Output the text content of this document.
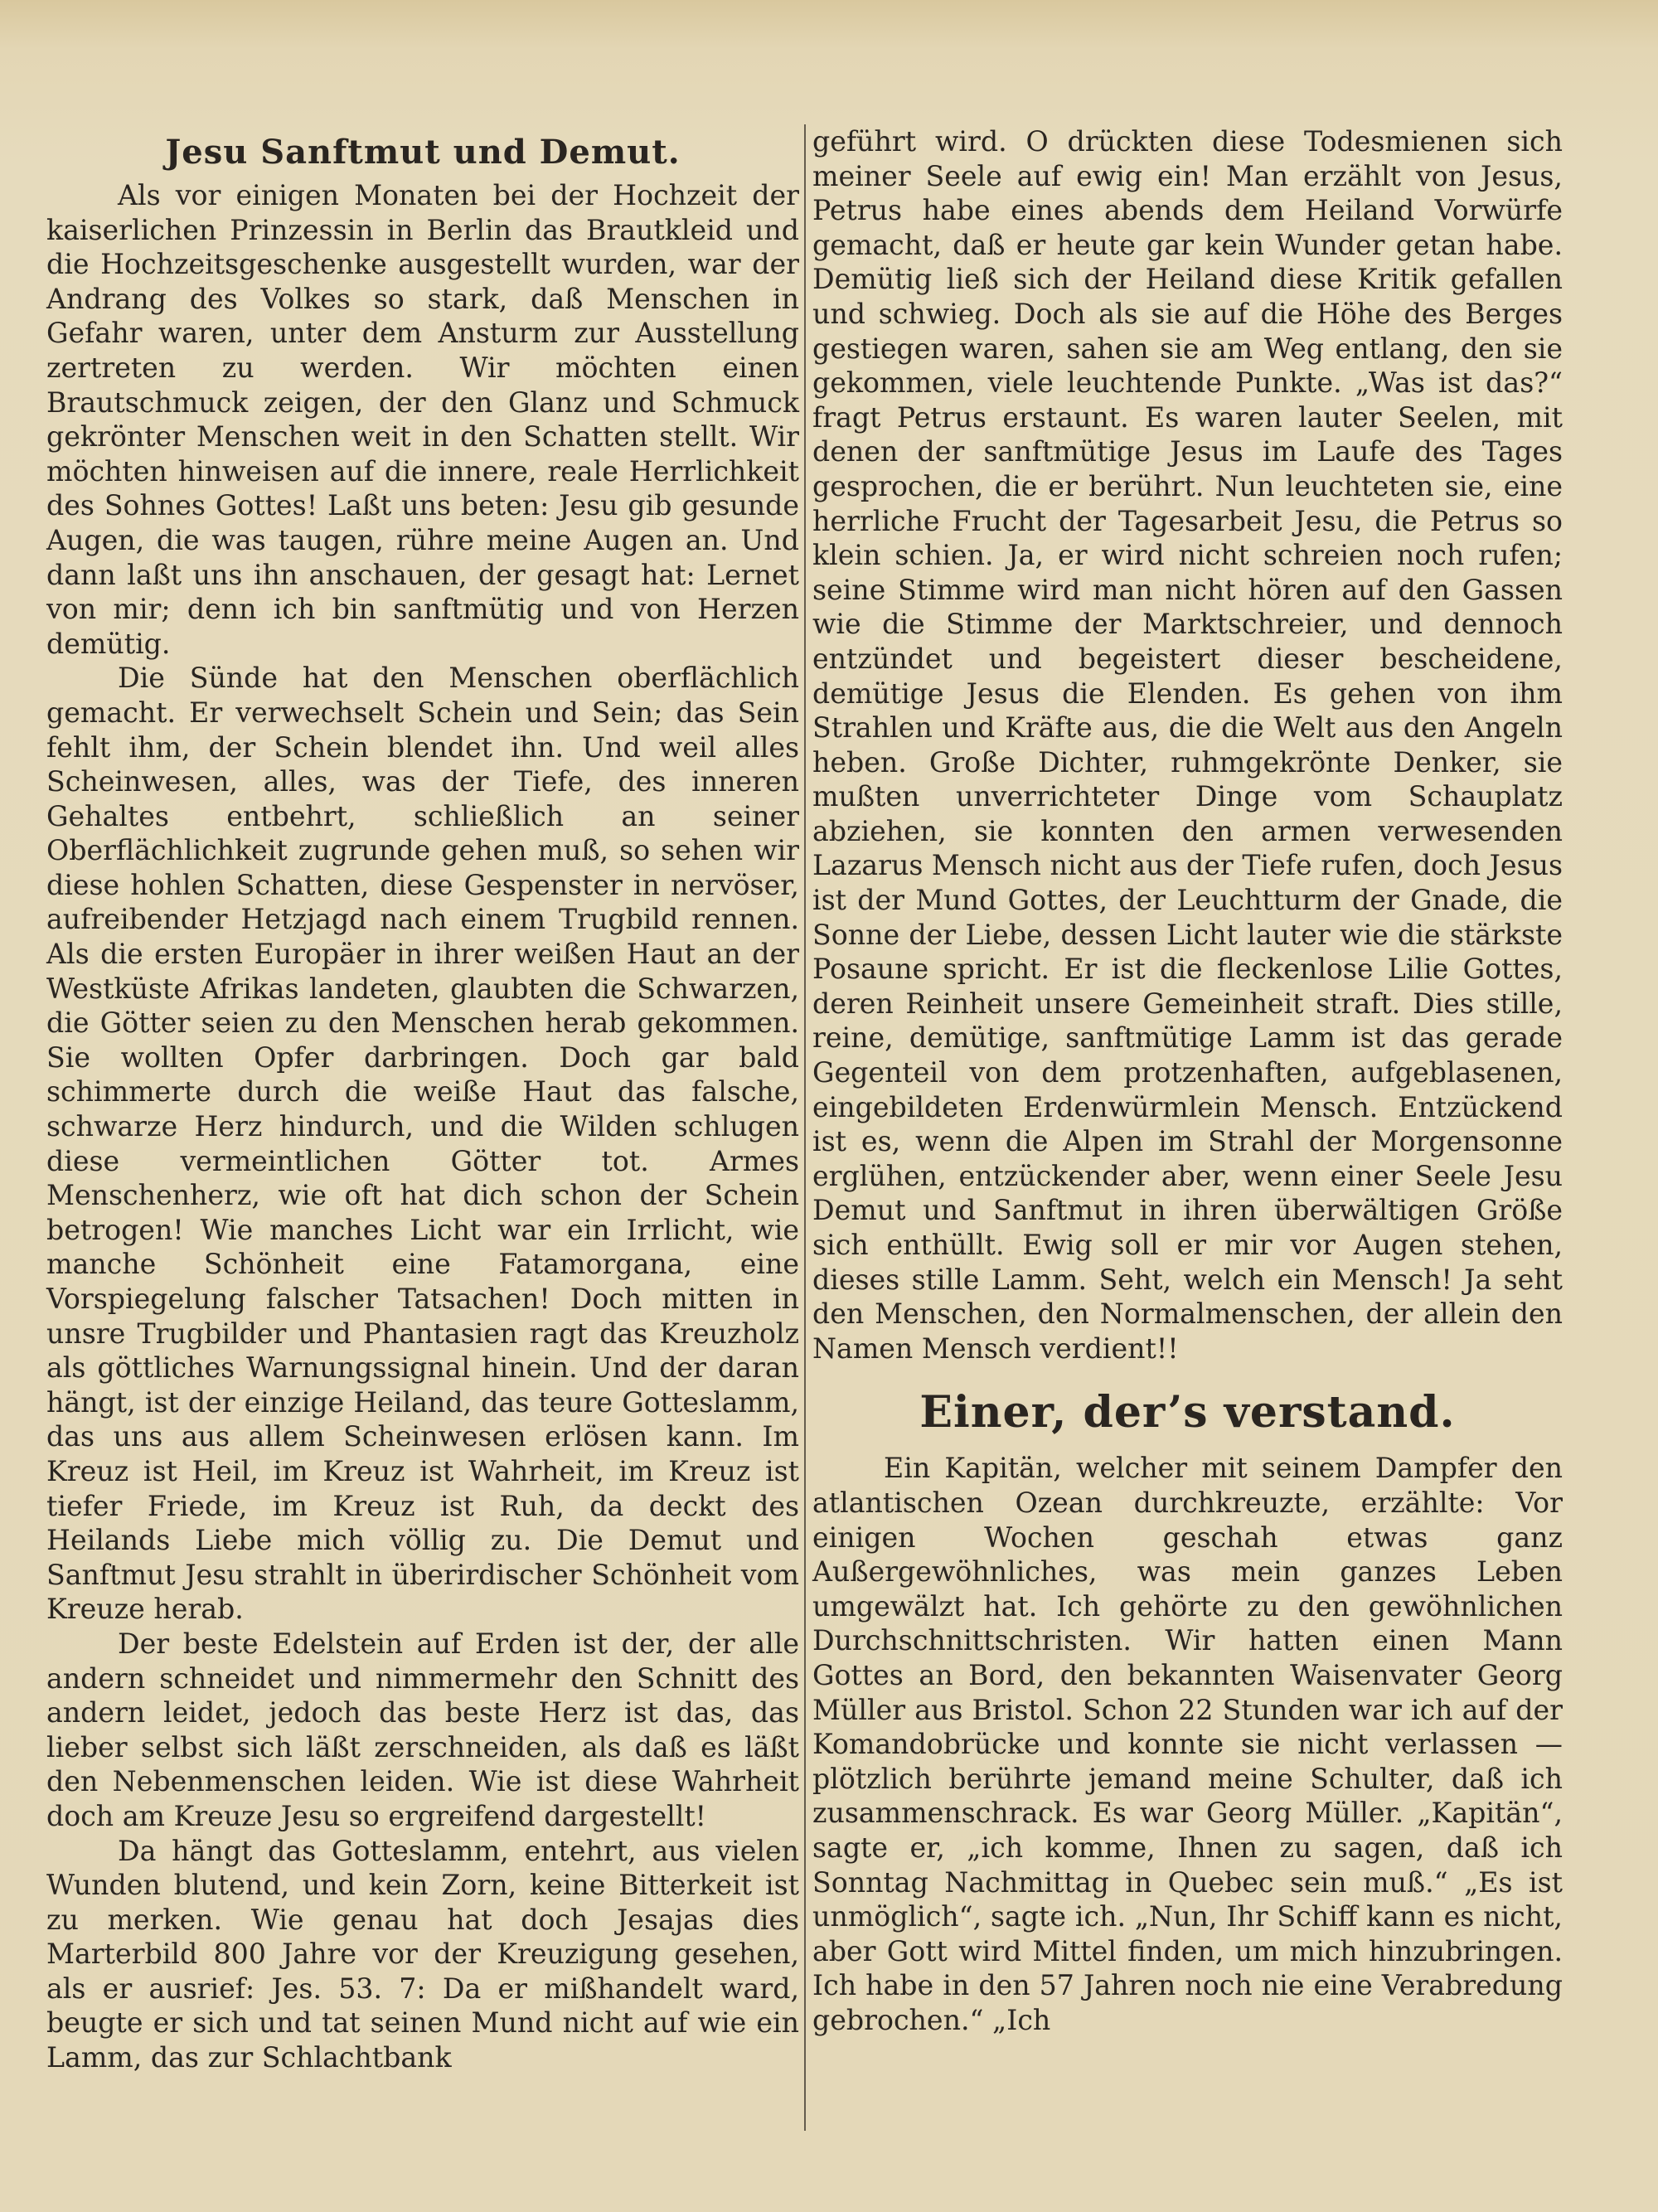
Jesu Sanftmut und Demut.

Als vor einigen Monaten bei der Hochzeit der kaiserlichen Prinzessin in Berlin das Brautkleid und die Hochzeitsgeschenke ausgestellt wurden, war der Andrang des Volkes so stark, daß Menschen in Gefahr waren, unter dem Ansturm zur Ausstellung zertreten zu werden. Wir möchten einen Brautschmuck zeigen, der den Glanz und Schmuck gekrönter Menschen weit in den Schatten stellt. Wir möchten hinweisen auf die innere, reale Herrlichkeit des Sohnes Gottes! Laßt uns beten: Jesu gib gesunde Augen, die was taugen, rühre meine Augen an. Und dann laßt uns ihn anschauen, der gesagt hat: Lernet von mir; denn ich bin sanftmütig und von Herzen demütig.

Die Sünde hat den Menschen oberflächlich gemacht. Er verwechselt Schein und Sein; das Sein fehlt ihm, der Schein blendet ihn. Und weil alles Scheinwesen, alles, was der Tiefe, des inneren Gehaltes entbehrt, schließlich an seiner Oberflächlichkeit zugrunde gehen muß, so sehen wir diese hohlen Schatten, diese Gespenster in nervöser, aufreibender Hetzjagd nach einem Trugbild rennen. Als die ersten Europäer in ihrer weißen Haut an der Westküste Afrikas landeten, glaubten die Schwarzen, die Götter seien zu den Menschen herab gekommen. Sie wollten Opfer darbringen. Doch gar bald schimmerte durch die weiße Haut das falsche, schwarze Herz hindurch, und die Wilden schlugen diese vermeintlichen Götter tot. Armes Menschenherz, wie oft hat dich schon der Schein betrogen! Wie manches Licht war ein Irrlicht, wie manche Schönheit eine Fatamorgana, eine Vorspiegelung falscher Tatsachen! Doch mitten in unsre Trugbilder und Phantasien ragt das Kreuzholz als göttliches Warnungssignal hinein. Und der daran hängt, ist der einzige Heiland, das teure Gotteslamm, das uns aus allem Scheinwesen erlösen kann. Im Kreuz ist Heil, im Kreuz ist Wahrheit, im Kreuz ist tiefer Friede, im Kreuz ist Ruh, da deckt des Heilands Liebe mich völlig zu. Die Demut und Sanftmut Jesu strahlt in überirdischer Schönheit vom Kreuze herab.

Der beste Edelstein auf Erden ist der, der alle andern schneidet und nimmermehr den Schnitt des andern leidet, jedoch das beste Herz ist das, das lieber selbst sich läßt zerschneiden, als daß es läßt den Nebenmenschen leiden. Wie ist diese Wahrheit doch am Kreuze Jesu so ergreifend dargestellt!

Da hängt das Gotteslamm, entehrt, aus vielen Wunden blutend, und kein Zorn, keine Bitterkeit ist zu merken. Wie genau hat doch Jesajas dies Marterbild 800 Jahre vor der Kreuzigung gesehen, als er ausrief: Jes. 53. 7: Da er mißhandelt ward, beugte er sich und tat seinen Mund nicht auf wie ein Lamm, das zur Schlachtbank

geführt wird. O drückten diese Todesmienen sich meiner Seele auf ewig ein! Man erzählt von Jesus, Petrus habe eines abends dem Heiland Vorwürfe gemacht, daß er heute gar kein Wunder getan habe. Demütig ließ sich der Heiland diese Kritik gefallen und schwieg. Doch als sie auf die Höhe des Berges gestiegen waren, sahen sie am Weg entlang, den sie gekommen, viele leuchtende Punkte. „Was ist das?“ fragt Petrus erstaunt. Es waren lauter Seelen, mit denen der sanftmütige Jesus im Laufe des Tages gesprochen, die er berührt. Nun leuchteten sie, eine herrliche Frucht der Tagesarbeit Jesu, die Petrus so klein schien. Ja, er wird nicht schreien noch rufen; seine Stimme wird man nicht hören auf den Gassen wie die Stimme der Marktschreier, und dennoch entzündet und begeistert dieser bescheidene, demütige Jesus die Elenden. Es gehen von ihm Strahlen und Kräfte aus, die die Welt aus den Angeln heben. Große Dichter, ruhmgekrönte Denker, sie mußten unverrichteter Dinge vom Schauplatz abziehen, sie konnten den armen verwesenden Lazarus Mensch nicht aus der Tiefe rufen, doch Jesus ist der Mund Gottes, der Leuchtturm der Gnade, die Sonne der Liebe, dessen Licht lauter wie die stärkste Posaune spricht. Er ist die fleckenlose Lilie Gottes, deren Reinheit unsere Gemeinheit straft. Dies stille, reine, demütige, sanftmütige Lamm ist das gerade Gegenteil von dem protzenhaften, aufgeblasenen, eingebildeten Erdenwürmlein Mensch. Entzückend ist es, wenn die Alpen im Strahl der Morgensonne erglühen, entzückender aber, wenn einer Seele Jesu Demut und Sanftmut in ihren überwältigen Größe sich enthüllt. Ewig soll er mir vor Augen stehen, dieses stille Lamm. Seht, welch ein Mensch! Ja seht den Menschen, den Normalmenschen, der allein den Namen Mensch verdient!!

Einer, der’s verstand.

Ein Kapitän, welcher mit seinem Dampfer den atlantischen Ozean durchkreuzte, erzählte: Vor einigen Wochen geschah etwas ganz Außergewöhnliches, was mein ganzes Leben umgewälzt hat. Ich gehörte zu den gewöhnlichen Durchschnittschristen. Wir hatten einen Mann Gottes an Bord, den bekannten Waisenvater Georg Müller aus Bristol. Schon 22 Stunden war ich auf der Komandobrücke und konnte sie nicht verlassen — plötzlich berührte jemand meine Schulter, daß ich zusammenschrack. Es war Georg Müller. „Kapitän“, sagte er, „ich komme, Ihnen zu sagen, daß ich Sonntag Nachmittag in Quebec sein muß.“ „Es ist unmöglich“, sagte ich. „Nun, Ihr Schiff kann es nicht, aber Gott wird Mittel finden, um mich hinzubringen. Ich habe in den 57 Jahren noch nie eine Verabredung gebrochen.“ „Ich
